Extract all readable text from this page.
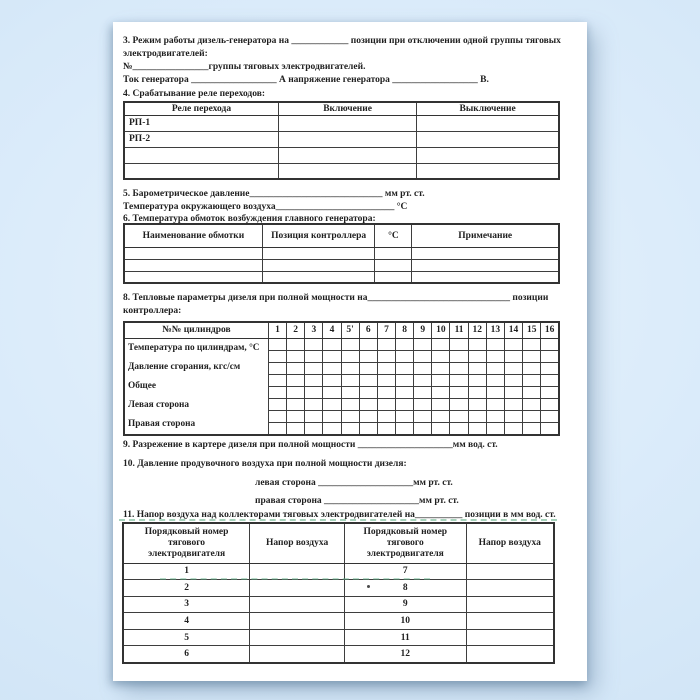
3. Режим работы дизель-генератора на ____________ позиции при отключении одной группы тяговых
электродвигателей:
№________________группы тяговых электродвигателей.
Ток генератора __________________ А напряжение генератора __________________ В.
4. Срабатывание реле переходов:
Реле перехода	Включение	Выключение
РП-1		
РП-2		

5. Барометрическое давление____________________________ мм рт. ст.
Температура окружающего воздуха_________________________ °С
6. Температура обмоток возбуждения главного генератора:
Наименование обмотки	Позиция контроллера	°С	Примечание

8. Тепловые параметры дизеля при полной мощности на______________________________ позиции
контроллера:
№№ цилиндров	1	2	3	4	5'	6	7	8	9	10	11	12	13	14	15	16

Температура по цилиндрам, °С
Давление сгорания, кгс/см
Общее
Левая сторона
Правая сторона																

9. Разрежение в картере дизеля при полной мощности ____________________мм вод. ст.
10. Давление продувочного воздуха при полной мощности дизеля:
левая сторона ____________________мм рт. ст.
правая сторона ____________________мм рт. ст.
11. Напор воздуха над коллекторами тяговых электродвигателей на__________ позиции в мм вод. ст.
Порядковый номер тягового электродвигателя	Напор воздуха	Порядковый номер тягового электродвигателя	Напор воздуха
1		7	
2		8	
3		9	
4		10	
5		11	
6		12	
